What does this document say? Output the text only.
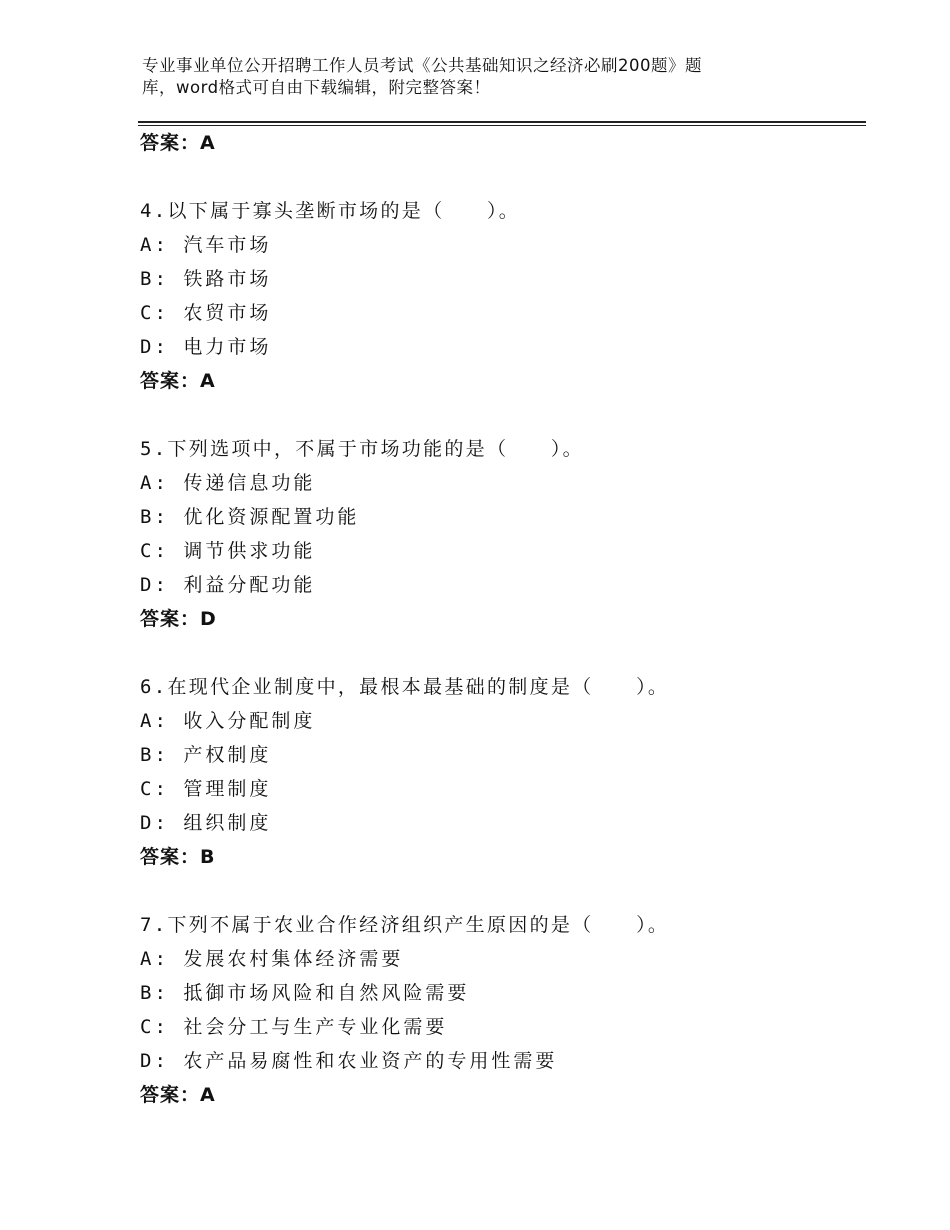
专业事业单位公开招聘工作人员考试《公共基础知识之经济必刷200题》题
库，word格式可自由下载编辑，附完整答案！
答案：A
4.以下属于寡头垄断市场的是（　　）。
A: 汽车市场
B: 铁路市场
C: 农贸市场
D: 电力市场
答案：A
5.下列选项中，不属于市场功能的是（　　）。
A: 传递信息功能
B: 优化资源配置功能
C: 调节供求功能
D: 利益分配功能
答案：D
6.在现代企业制度中，最根本最基础的制度是（　　）。
A: 收入分配制度
B: 产权制度
C: 管理制度
D: 组织制度
答案：B
7.下列不属于农业合作经济组织产生原因的是（　　）。
A: 发展农村集体经济需要
B: 抵御市场风险和自然风险需要
C: 社会分工与生产专业化需要
D: 农产品易腐性和农业资产的专用性需要
答案：A
